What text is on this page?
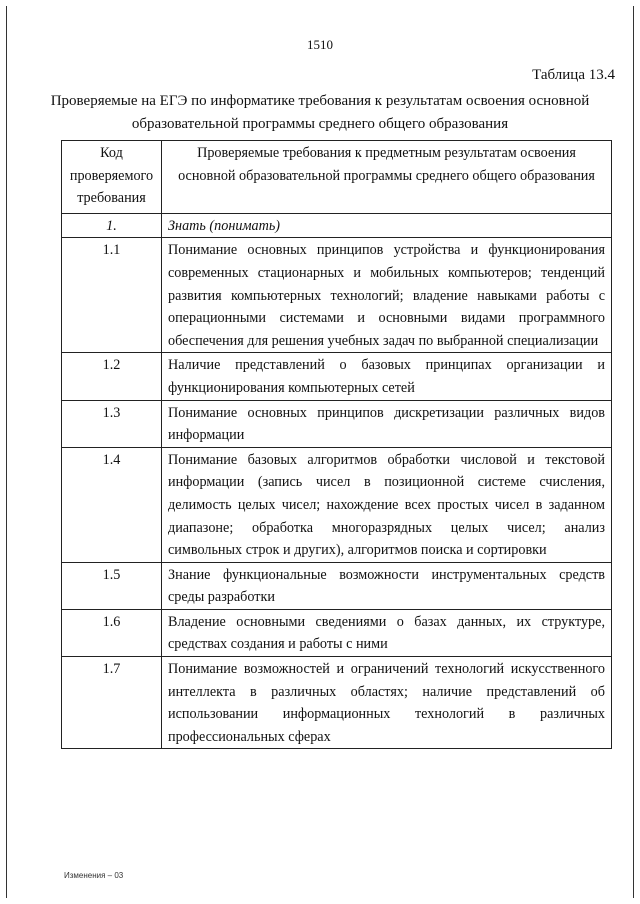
1510
Таблица 13.4
Проверяемые на ЕГЭ по информатике требования к результатам освоения основной
образовательной программы среднего общего образования
Код проверяемого требования	Проверяемые требования к предметным результатам освоения основной образовательной программы среднего общего образования
1.	Знать (понимать)
1.1	Понимание основных принципов устройства и функционирования современных стационарных и мобильных компьютеров; тенденций развития компьютерных технологий; владение навыками работы с операционными системами и основными видами программного обеспечения для решения учебных задач по выбранной специализации
1.2	Наличие представлений о базовых принципах организации и функционирования компьютерных сетей
1.3	Понимание основных принципов дискретизации различных видов информации
1.4	Понимание базовых алгоритмов обработки числовой и текстовой информации (запись чисел в позиционной системе счисления, делимость целых чисел; нахождение всех простых чисел в заданном диапазоне; обработка многоразрядных целых чисел; анализ символьных строк и других), алгоритмов поиска и сортировки
1.5	Знание функциональные возможности инструментальных средств среды разработки
1.6	Владение основными сведениями о базах данных, их структуре, средствах создания и работы с ними
1.7	Понимание возможностей и ограничений технологий искусственного интеллекта в различных областях; наличие представлений об использовании информационных технологий в различных профессиональных сферах
Изменения – 03
